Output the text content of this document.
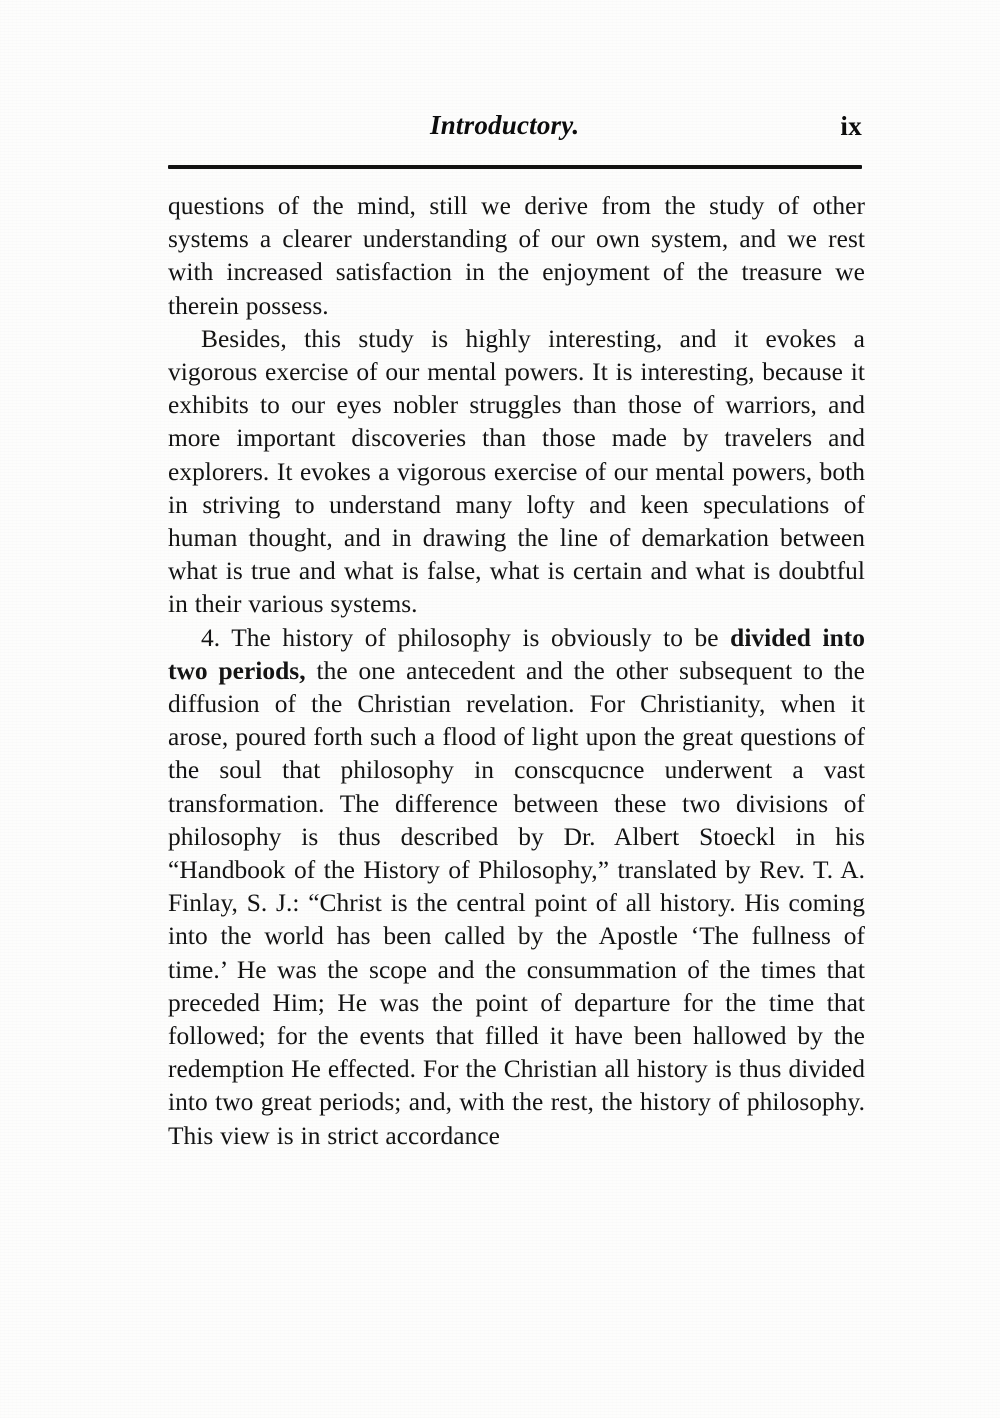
Introductory.	ix

questions of the mind, still we derive from the study of other systems a clearer understanding of our own system, and we rest with increased satisfaction in the enjoyment of the treasure we therein possess.

Besides, this study is highly interesting, and it evokes a vigorous exercise of our mental powers. It is interesting, because it exhibits to our eyes nobler struggles than those of warriors, and more important discoveries than those made by travelers and explorers. It evokes a vigorous exercise of our mental powers, both in striving to understand many lofty and keen speculations of human thought, and in drawing the line of demarkation between what is true and what is false, what is certain and what is doubtful in their various systems.

4. The history of philosophy is obviously to be divided into two periods, the one antecedent and the other subsequent to the diffusion of the Christian revelation. For Christianity, when it arose, poured forth such a flood of light upon the great questions of the soul that philosophy in conscqucnce underwent a vast transformation. The difference between these two divisions of philosophy is thus described by Dr. Albert Stoeckl in his “Handbook of the History of Philosophy,” translated by Rev. T. A. Finlay, S. J.: “Christ is the central point of all history. His coming into the world has been called by the Apostle ‘The fullness of time.’ He was the scope and the consummation of the times that preceded Him; He was the point of departure for the time that followed; for the events that filled it have been hallowed by the redemption He effected. For the Christian all history is thus divided into two great periods; and, with the rest, the history of philosophy. This view is in strict accordance
